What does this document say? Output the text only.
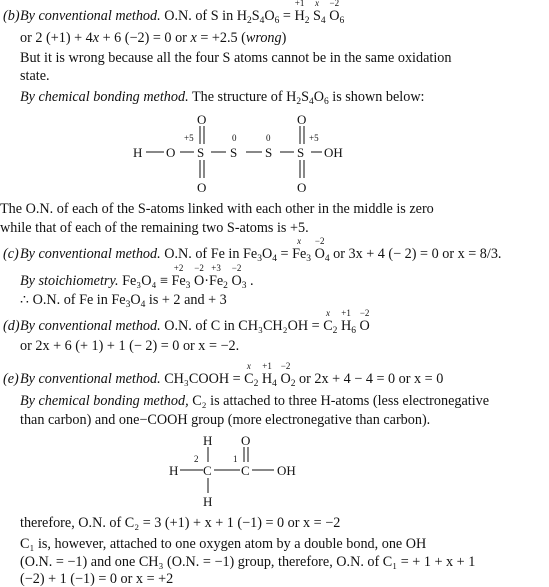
(b) By conventional method. O.N. of S in $H_2S_4O_6$ =
+1
$H_2$
x
$S_4$
−2
$O_6$
or 2 (+1) + 4x + 6 (−2) = 0 or x = +2.5 (wrong)
But it is wrong because all the four S atoms cannot be in the same oxidation
state.
By chemical bonding method. The structure of $H_2S_4O_6$ is shown below:
H O
O
O
+5
S
0
S
0
S
O
O
+5
S OH
The O.N. of each of the S-atoms linked with each other in the middle is zero
while that of each of the remaining two S-atoms is +5.
(c) By conventional method. O.N. of Fe in $Fe_3O_4$ =
x
$Fe_3$
−2
$O_4$ or 3x + 4 (− 2) = 0 or x = 8/3.
By stoichiometry. Fe₃O₄ ≡
+2
$Fe_3$
−2
O·
+3
$Fe_2$
−2
$O_3$ .
∴ O.N. of Fe in $Fe_3O_4$ is + 2 and + 3
(d) By conventional method. O.N. of C in CH₃CH₂OH =
x
$C_2$
+1
$H_6$
−2
O
or 2x + 6 (+ 1) + 1 (− 2) = 0 or x = −2.
(e) By conventional method. CH₃COOH =
x
$C_2$
+1
$H_4$
−2
$O_2$ or 2x + 4 − 4 = 0 or x = 0
By chemical bonding method, C₂ is attached to three H-atoms (less electronegative
than carbon) and one−COOH group (more electronegative than carbon).
H O
H
2
C
1
C OH
H
therefore, O.N. of C₂ = 3 (+1) + x + 1 (−1) = 0 or x = −2
C₁ is, however, attached to one oxygen atom by a double bond, one OH
(O.N. = −1) and one CH₃ (O.N. = −1) group, therefore, O.N. of C₁ = + 1 + x + 1
(−2) + 1 (−1) = 0 or x = +2
